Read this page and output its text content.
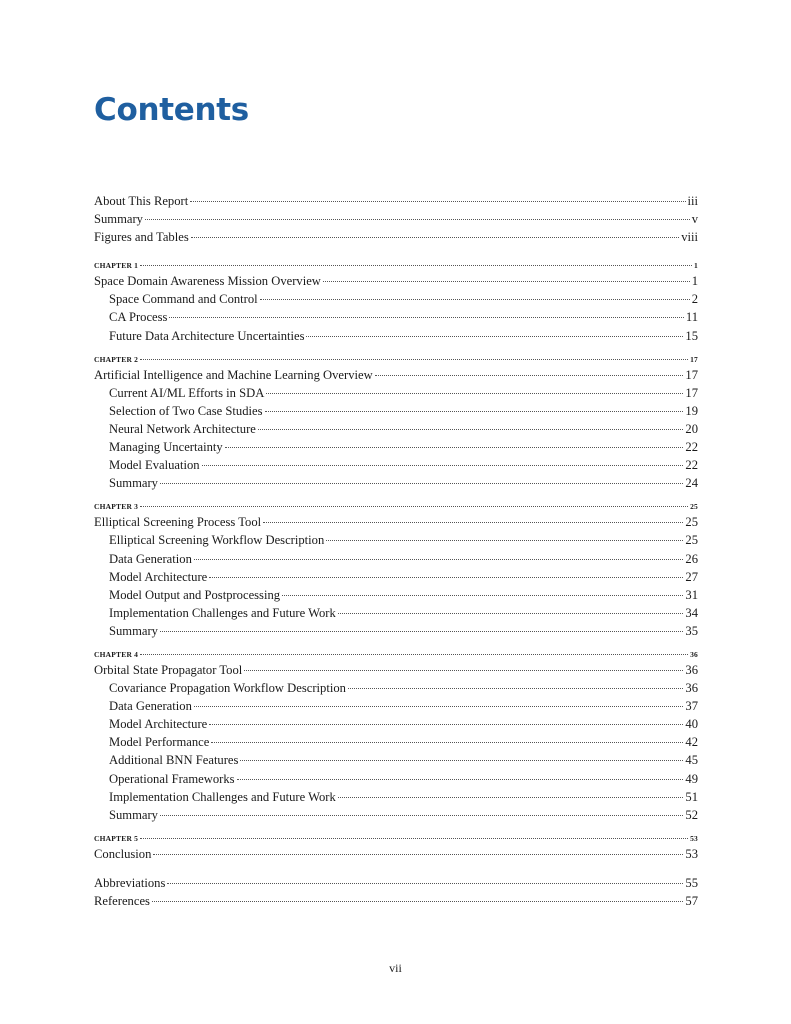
Contents
About This Report	iii
Summary	v
Figures and Tables	viii
CHAPTER 1	1
Space Domain Awareness Mission Overview	1
Space Command and Control	2
CA Process	11
Future Data Architecture Uncertainties	15
CHAPTER 2	17
Artificial Intelligence and Machine Learning Overview	17
Current AI/ML Efforts in SDA	17
Selection of Two Case Studies	19
Neural Network Architecture	20
Managing Uncertainty	22
Model Evaluation	22
Summary	24
CHAPTER 3	25
Elliptical Screening Process Tool	25
Elliptical Screening Workflow Description	25
Data Generation	26
Model Architecture	27
Model Output and Postprocessing	31
Implementation Challenges and Future Work	34
Summary	35
CHAPTER 4	36
Orbital State Propagator Tool	36
Covariance Propagation Workflow Description	36
Data Generation	37
Model Architecture	40
Model Performance	42
Additional BNN Features	45
Operational Frameworks	49
Implementation Challenges and Future Work	51
Summary	52
CHAPTER 5	53
Conclusion	53
Abbreviations	55
References	57
vii
